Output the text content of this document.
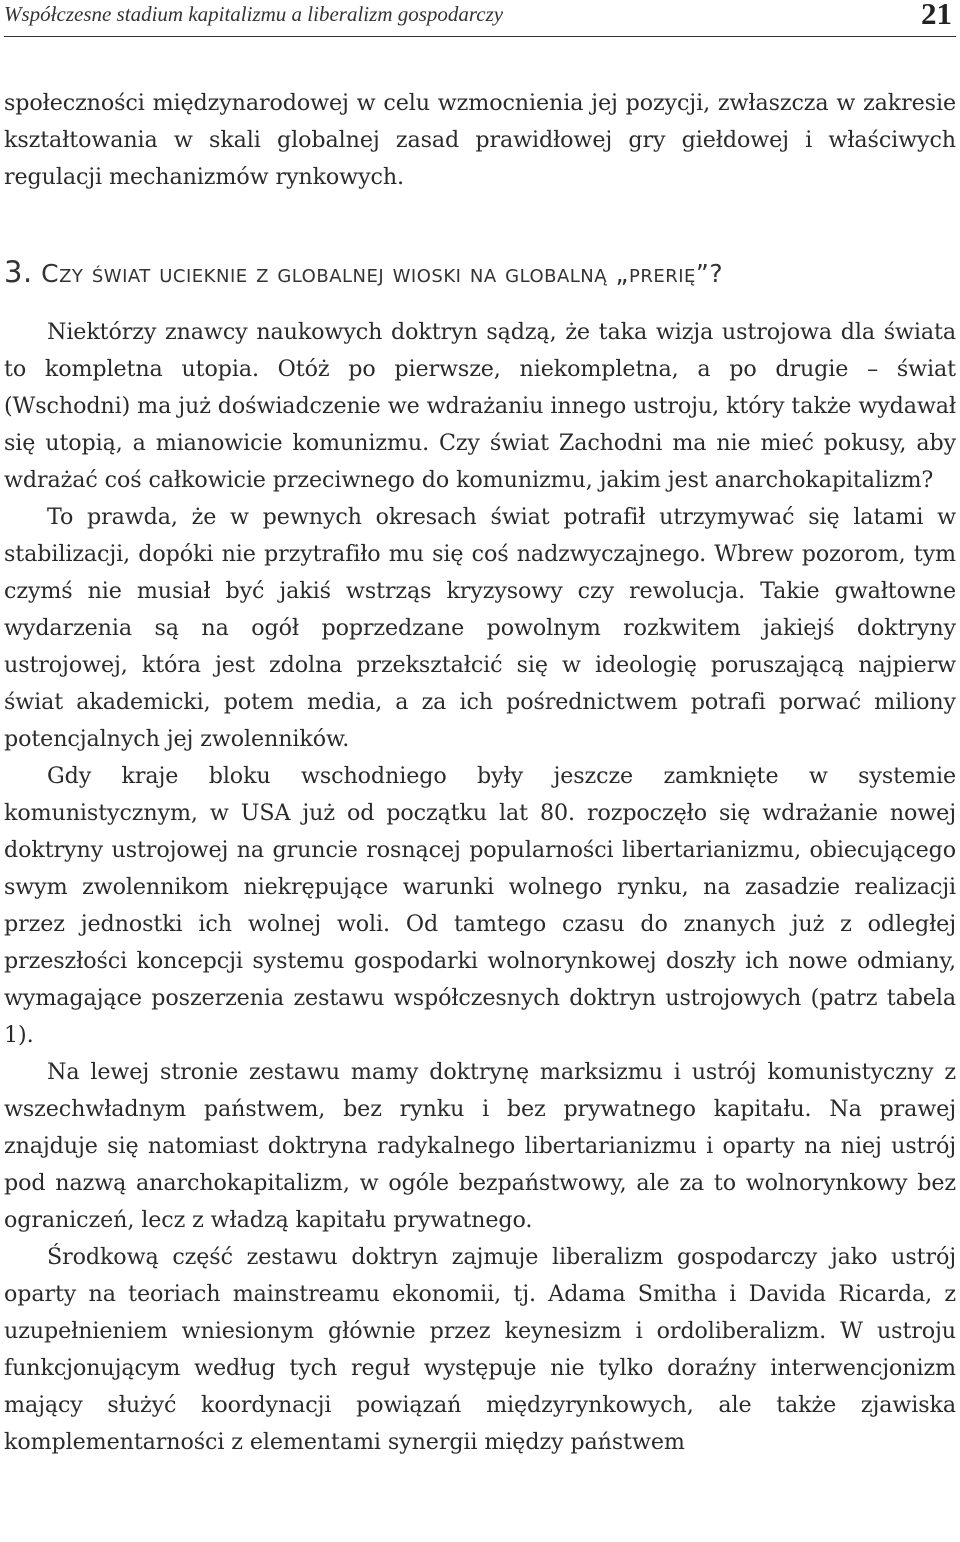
Współczesne stadium kapitalizmu a liberalizm gospodarczy	21

społeczności międzynarodowej w celu wzmocnienia jej pozycji, zwłaszcza w zakresie kształtowania w skali globalnej zasad prawidłowej gry giełdowej i właściwych regulacji mechanizmów rynkowych.

3. Czy świat ucieknie z globalnej wioski na globalną „prerię”?

Niektórzy znawcy naukowych doktryn sądzą, że taka wizja ustrojowa dla świata to kompletna utopia. Otóż po pierwsze, niekompletna, a po drugie – świat (Wschodni) ma już doświadczenie we wdrażaniu innego ustroju, który także wydawał się utopią, a mianowicie komunizmu. Czy świat Zachodni ma nie mieć pokusy, aby wdrażać coś całkowicie przeciwnego do komunizmu, jakim jest anarchokapitalizm?

To prawda, że w pewnych okresach świat potrafił utrzymywać się latami w stabilizacji, dopóki nie przytrafiło mu się coś nadzwyczajnego. Wbrew pozorom, tym czymś nie musiał być jakiś wstrząs kryzysowy czy rewolucja. Takie gwałtowne wydarzenia są na ogół poprzedzane powolnym rozkwitem jakiejś doktryny ustrojowej, która jest zdolna przekształcić się w ideologię poruszającą najpierw świat akademicki, potem media, a za ich pośrednictwem potrafi porwać miliony potencjalnych jej zwolenników.

Gdy kraje bloku wschodniego były jeszcze zamknięte w systemie komunistycznym, w USA już od początku lat 80. rozpoczęło się wdrażanie nowej doktryny ustrojowej na gruncie rosnącej popularności libertarianizmu, obiecującego swym zwolennikom niekrępujące warunki wolnego rynku, na zasadzie realizacji przez jednostki ich wolnej woli. Od tamtego czasu do znanych już z odległej przeszłości koncepcji systemu gospodarki wolnorynkowej doszły ich nowe odmiany, wymagające poszerzenia zestawu współczesnych doktryn ustrojowych (patrz tabela 1).

Na lewej stronie zestawu mamy doktrynę marksizmu i ustrój komunistyczny z wszechwładnym państwem, bez rynku i bez prywatnego kapitału. Na prawej znajduje się natomiast doktryna radykalnego libertarianizmu i oparty na niej ustrój pod nazwą anarchokapitalizm, w ogóle bezpaństwowy, ale za to wolnorynkowy bez ograniczeń, lecz z władzą kapitału prywatnego.

Środkową część zestawu doktryn zajmuje liberalizm gospodarczy jako ustrój oparty na teoriach mainstreamu ekonomii, tj. Adama Smitha i Davida Ricarda, z uzupełnieniem wniesionym głównie przez keynesizm i ordoliberalizm. W ustroju funkcjonującym według tych reguł występuje nie tylko doraźny interwencjonizm mający służyć koordynacji powiązań międzyrynkowych, ale także zjawiska komplementarności z elementami synergii między państwem
